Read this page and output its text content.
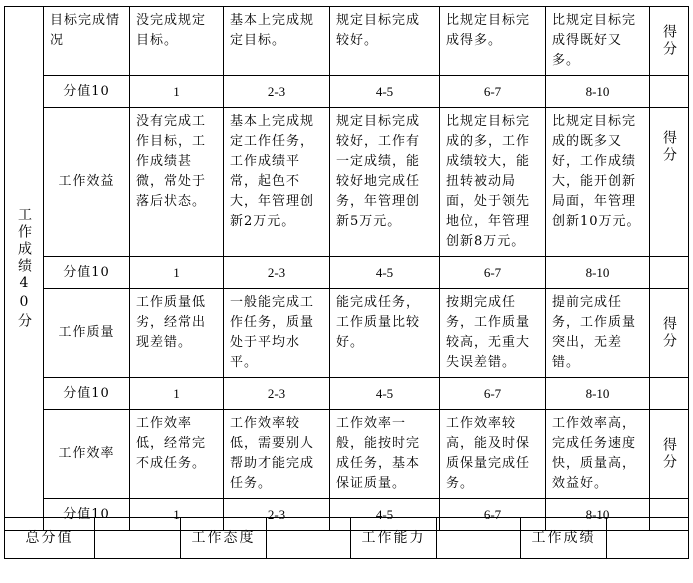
工作成绩40分	目标完成情况	没完成规定目标。	基本上完成规定目标。	规定目标完成较好。	比规定目标完成得多。	比规定目标完成得既好又多。	得分

	分值10	1	2-3	4-5	6-7	8-10	
	工作效益	没有完成工作目标，工作成绩甚微，常处于落后状态。	基本上完成规定工作任务，工作成绩平常，起色不大，年管理创新2万元。	规定目标完成较好，工作有一定成绩，能较好地完成任务，年管理创新5万元。	比规定目标完成的多，工作成绩较大，能扭转被动局面，处于领先地位，年管理创新8万元。	比规定目标完成的既多又好，工作成绩大，能开创新局面，年管理创新10万元。	得分

	分值10	1	2-3	4-5	6-7	8-10	
	工作质量	工作质量低劣，经常出现差错。	一般能完成工作任务，质量处于平均水平。	能完成任务，工作质量比较好。	按期完成任务，工作质量较高，无重大失误差错。	提前完成任务，工作质量突出，无差错。	得分

	分值10	1	2-3	4-5	6-7	8-10	
	工作效率	工作效率低，经常完不成任务。	工作效率较低，需要别人帮助才能完成任务。	工作效率一般，能按时完成任务，基本保证质量。	工作效率较高，能及时保质保量完成任务。	工作效率高，完成任务速度快，质量高，效益好。	得分

	分值10	1	2-3	4-5	6-7	8-10	
总分值		工作态度		工作能力		工作成绩	
